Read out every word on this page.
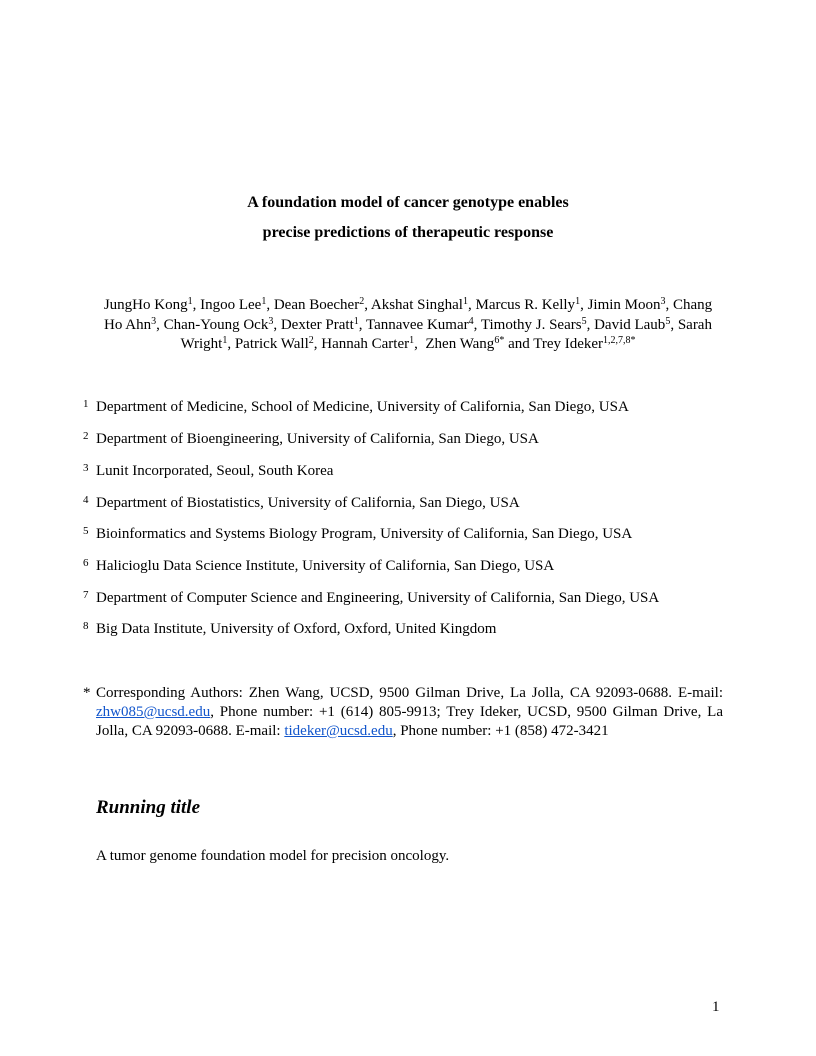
A foundation model of cancer genotype enables
precise predictions of therapeutic response
JungHo Kong$^1$, Ingoo Lee$^1$, Dean Boecher$^2$, Akshat Singhal$^1$, Marcus R. Kelly$^1$, Jimin Moon$^3$, Chang Ho Ahn$^3$, Chan-Young Ock$^3$, Dexter Pratt$^1$, Tannavee Kumar$^4$, Timothy J. Sears$^5$, David Laub$^5$, Sarah Wright$^1$, Patrick Wall$^2$, Hannah Carter$^1$,  Zhen Wang$^{6*}$ and Trey Ideker$^{1,2,7,8*}$
1 Department of Medicine, School of Medicine, University of California, San Diego, USA
2 Department of Bioengineering, University of California, San Diego, USA
3 Lunit Incorporated, Seoul, South Korea
4 Department of Biostatistics, University of California, San Diego, USA
5 Bioinformatics and Systems Biology Program, University of California, San Diego, USA
6 Halicioglu Data Science Institute, University of California, San Diego, USA
7 Department of Computer Science and Engineering, University of California, San Diego, USA
8 Big Data Institute, University of Oxford, Oxford, United Kingdom
* Corresponding Authors: Zhen Wang, UCSD, 9500 Gilman Drive, La Jolla, CA 92093-0688. E-mail: zhw085@ucsd.edu, Phone number: +1 (614) 805-9913; Trey Ideker, UCSD, 9500 Gilman Drive, La Jolla, CA 92093-0688. E-mail: tideker@ucsd.edu, Phone number: +1 (858) 472-3421
Running title
A tumor genome foundation model for precision oncology.
1
